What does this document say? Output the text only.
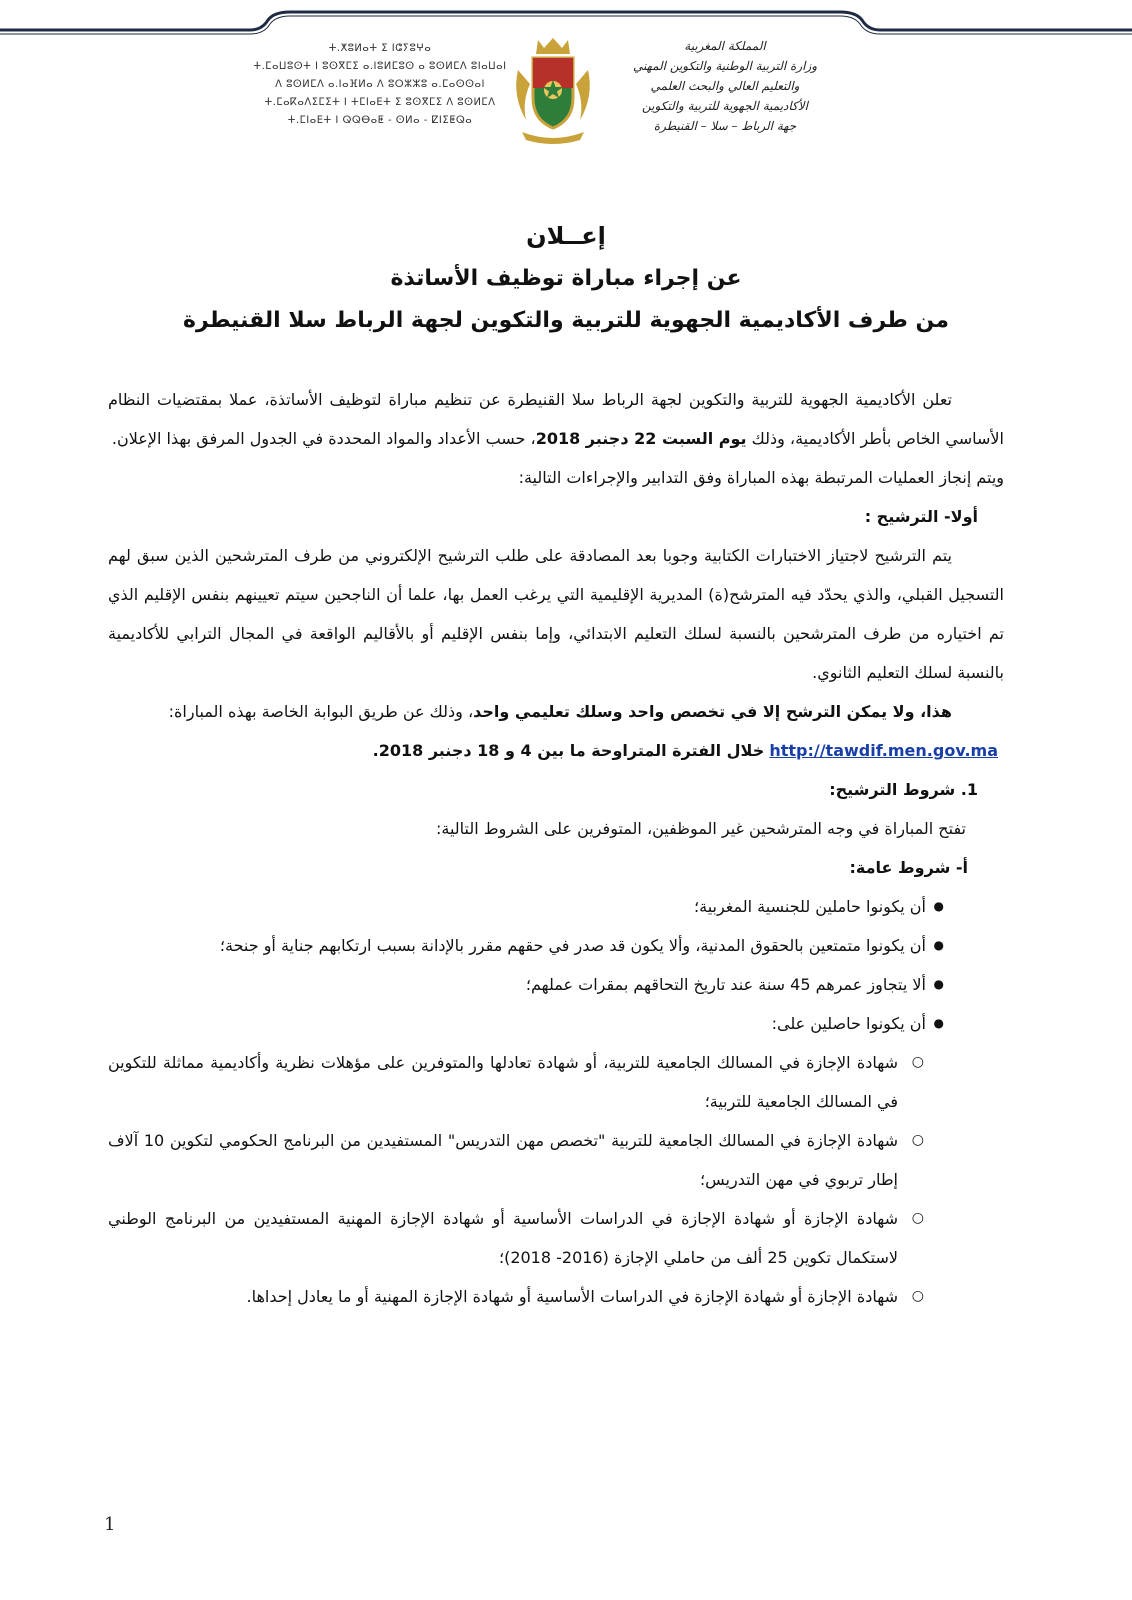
ⵜ.ⵅⵓⵍⴰⵜ ⵉ ⵏⵛⵢⵓⵖⴰ
ⵜ.ⵎⴰⵡⵓⵙⵜ ⵏ ⵓⵙⴳⵎⵉ ⴰ.ⵏⵓⵍⵎⵓⵙ ⴰ ⵓⵙⵍⵎⴷ ⵓⵏⴰⵡⴰⵏ
ⴷ ⵓⵙⵍⵎⴷ ⴰ.ⵏⴰⴼⵍⴰ ⴷ ⵓⵔⵣⵣⵓ ⴰ.ⵎⴰⵙⵙⴰⵏ
ⵜ.ⵎⴰⴽⴰⴷⵉⵎⵉⵜ ⵏ ⵜⵎⵏⴰⴹⵜ ⵉ ⵓⵙⴳⵎⵉ ⴷ ⵓⵙⵍⵎⴷ
ⵜ.ⵎⵏⴰⴹⵜ ⵏ ⵕⵕⴱⴰⵟ - ⵙⵍⴰ - ⵇⵏⵉⵟⵕⴰ
المملكة المغربية
وزارة التربية الوطنية والتكوين المهني
والتعليم العالي والبحث العلمي
الأكاديمية الجهوية للتربية والتكوين
جهة الرباط – سلا – القنيطرة
إعــلان
عن إجراء مباراة توظيف الأساتذة
من طرف الأكاديمية الجهوية للتربية والتكوين لجهة الرباط سلا القنيطرة

تعلن الأكاديمية الجهوية للتربية والتكوين لجهة الرباط سلا القنيطرة عن تنظيم مباراة لتوظيف الأساتذة، عملا بمقتضيات النظام الأساسي الخاص بأطر الأكاديمية، وذلك يوم السبت 22 دجنبر 2018، حسب الأعداد والمواد المحددة في الجدول المرفق بهذا الإعلان.

ويتم إنجاز العمليات المرتبطة بهذه المباراة وفق التدابير والإجراءات التالية:

أولا- الترشيح :

يتم الترشيح لاجتياز الاختبارات الكتابية وجوبا بعد المصادقة على طلب الترشيح الإلكتروني من طرف المترشحين الذين سبق لهم التسجيل القبلي، والذي يحدّد فيه المترشح(ة) المديرية الإقليمية التي يرغب العمل بها، علما أن الناجحين سيتم تعيينهم بنفس الإقليم الذي تم اختياره من طرف المترشحين بالنسبة لسلك التعليم الابتدائي، وإما بنفس الإقليم أو بالأقاليم الواقعة في المجال الترابي للأكاديمية بالنسبة لسلك التعليم الثانوي.

هذا، ولا يمكن الترشح إلا في تخصص واحد وسلك تعليمي واحد، وذلك عن طريق البوابة الخاصة بهذه المباراة:

http://tawdif.men.gov.ma خلال الفترة المتراوحة ما بين 4 و 18 دجنبر 2018.

1. شروط الترشيح:

تفتح المباراة في وجه المترشحين غير الموظفين، المتوفرين على الشروط التالية:

أ- شروط عامة:

● أن يكونوا حاملين للجنسية المغربية؛
● أن يكونوا متمتعين بالحقوق المدنية، وألا يكون قد صدر في حقهم مقرر بالإدانة بسبب ارتكابهم جناية أو جنحة؛
● ألا يتجاوز عمرهم 45 سنة عند تاريخ التحاقهم بمقرات عملهم؛
● أن يكونوا حاصلين على:
○ شهادة الإجازة في المسالك الجامعية للتربية، أو شهادة تعادلها والمتوفرين على مؤهلات نظرية وأكاديمية مماثلة للتكوين في المسالك الجامعية للتربية؛
○ شهادة الإجازة في المسالك الجامعية للتربية "تخصص مهن التدريس" المستفيدين من البرنامج الحكومي لتكوين 10 آلاف إطار تربوي في مهن التدريس؛
○ شهادة الإجازة أو شهادة الإجازة في الدراسات الأساسية أو شهادة الإجازة المهنية المستفيدين من البرنامج الوطني لاستكمال تكوين 25 ألف من حاملي الإجازة (2016- 2018)؛
○ شهادة الإجازة أو شهادة الإجازة في الدراسات الأساسية أو شهادة الإجازة المهنية أو ما يعادل إحداها.
1
